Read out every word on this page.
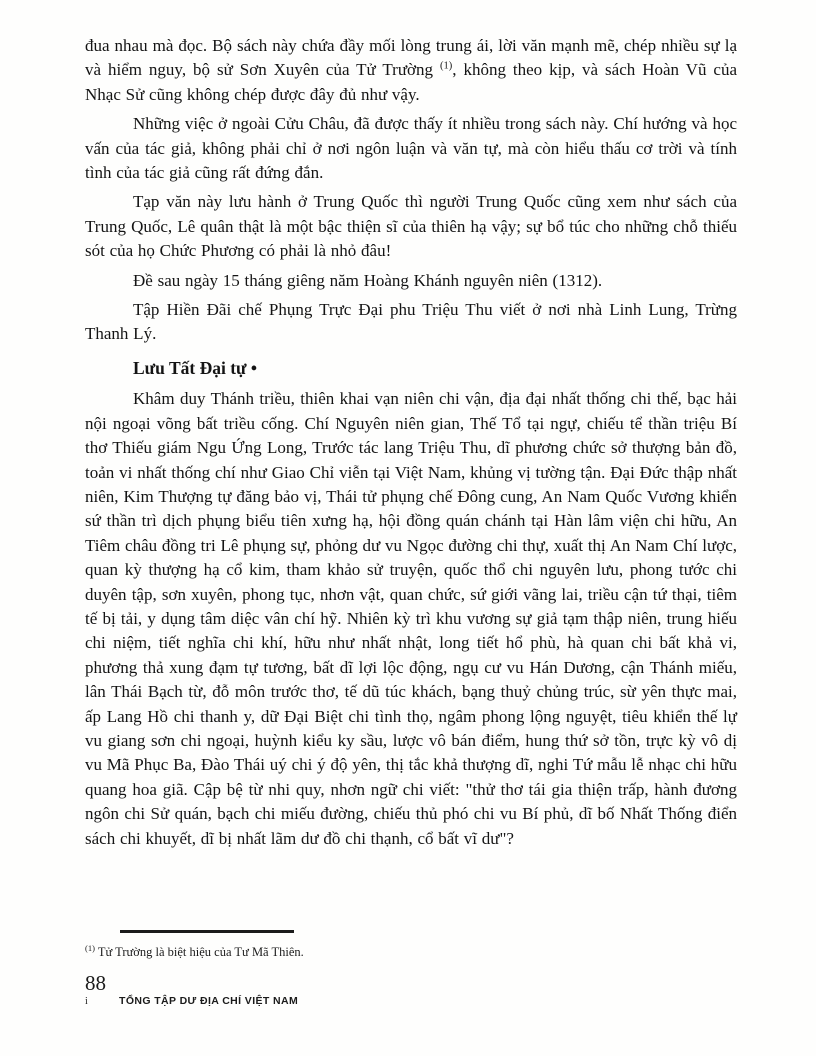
đua nhau mà đọc. Bộ sách này chứa đầy mối lòng trung ái, lời văn mạnh mẽ, chép nhiều sự lạ và hiểm nguy, bộ sử Sơn Xuyên của Tử Trường $^{(1)}$, không theo kịp, và sách Hoàn Vũ của Nhạc Sử cũng không chép được đây đủ như vậy.

Những việc ở ngoài Cửu Châu, đã được thấy ít nhiều trong sách này. Chí hướng và học vấn của tác giả, không phải chỉ ở nơi ngôn luận và văn tự, mà còn hiểu thấu cơ trời và tính tình của tác giả cũng rất đứng đắn.

Tạp văn này lưu hành ở Trung Quốc thì người Trung Quốc cũng xem như sách của Trung Quốc, Lê quân thật là một bậc thiện sĩ của thiên hạ vậy; sự bổ túc cho những chỗ thiếu sót của họ Chức Phương có phải là nhỏ đâu!

Đề sau ngày 15 tháng giêng năm Hoàng Khánh nguyên niên (1312).

Tập Hiền Đãi chế Phụng Trực Đại phu Triệu Thu viết ở nơi nhà Linh Lung, Trừng Thanh Lý.

Lưu Tất Đại tự •

Khâm duy Thánh triều, thiên khai vạn niên chi vận, địa đại nhất thống chi thế, bạc hải nội ngoại võng bất triều cống. Chí Nguyên niên gian, Thế Tổ tại ngự, chiếu tể thần triệu Bí thơ Thiếu giám Ngu Ứng Long, Trước tác lang Triệu Thu, dĩ phương chức sở thượng bản đồ, toản vi nhất thống chí như Giao Chỉ viễn tại Việt Nam, khủng vị tường tận. Đại Đức thập nhất niên, Kim Thượng tự đăng bảo vị, Thái tử phụng chế Đông cung, An Nam Quốc Vương khiển sứ thần trì dịch phụng biểu tiên xưng hạ, hội đồng quán chánh tại Hàn lâm viện chi hữu, An Tiêm châu đồng tri Lê phụng sự, phỏng dư vu Ngọc đường chi thự, xuất thị An Nam Chí lược, quan kỳ thượng hạ cổ kim, tham khảo sử truyện, quốc thổ chi nguyên lưu, phong tước chi duyên tập, sơn xuyên, phong tục, nhơn vật, quan chức, sứ giới vãng lai, triều cận tứ thại, tiêm tế bị tải, y dụng tâm diệc vân chí hỹ. Nhiên kỳ trì khu vương sự giả tạm thập niên, trung hiếu chi niệm, tiết nghĩa chi khí, hữu như nhất nhật, long tiết hổ phù, hà quan chi bất khả vi, phương thả xung đạm tự tương, bất dĩ lợi lộc động, ngụ cư vu Hán Dương, cận Thánh miếu, lân Thái Bạch từ, đỗ môn trước thơ, tế dũ túc khách, bạng thuỷ chủng trúc, sừ yên thực mai, ấp Lang Hồ chi thanh y, dữ Đại Biệt chi tình thọ, ngâm phong lộng nguyệt, tiêu khiển thế lự vu giang sơn chi ngoại, huỳnh kiểu ky sầu, lược vô bán điểm, hung thứ sở tồn, trực kỳ vô dị vu Mã Phục Ba, Đào Thái uý chi ý độ yên, thị tắc khả thượng dĩ, nghi Tứ mẫu lễ nhạc chi hữu quang hoa giã. Cập bệ từ nhi quy, nhơn ngữ chi viết: "thử thơ tái gia thiện trấp, hành đương ngôn chi Sử quán, bạch chi miếu đường, chiếu thủ phó chi vu Bí phủ, dĩ bố Nhất Thống điển sách chi khuyết, dĩ bị nhất lãm dư đồ chi thạnh, cổ bất vĩ dư"?

$^{(1)}$ Tử Trường là biệt hiệu của Tư Mã Thiên.

88
i	TỔNG TẬP DƯ ĐỊA CHÍ VIỆT NAM
